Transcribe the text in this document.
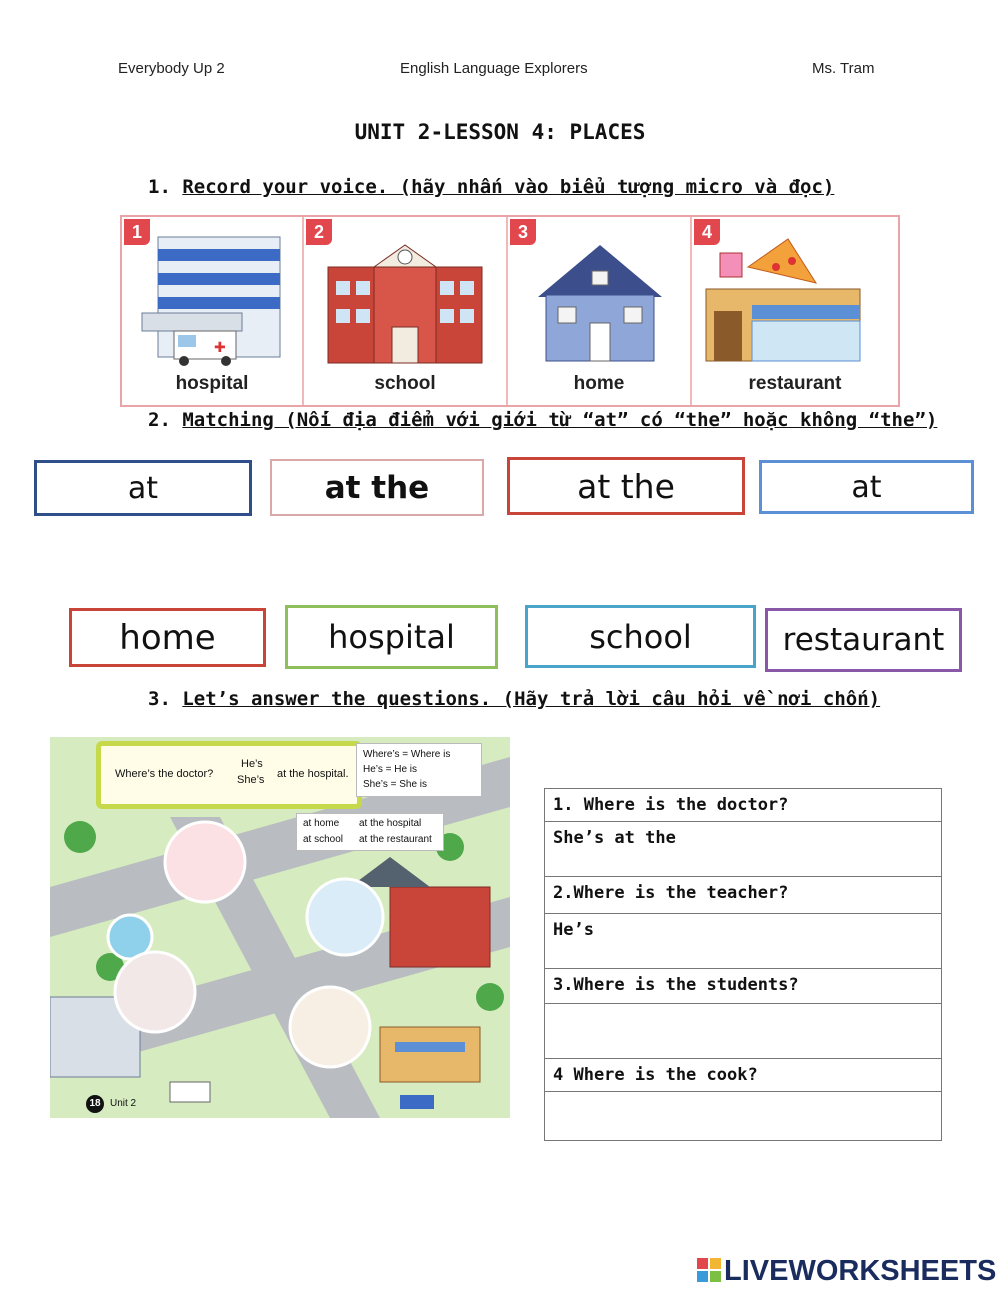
Everybody Up 2	English Language Explorers	Ms. Tram
UNIT 2-LESSON 4: PLACES
1. Record your voice. (hãy nhấn vào biểu tượng micro và đọc)
1
✚
hospital
2
school
3
home
4
restaurant
2. Matching (Nối địa điểm với giới từ “at” có “the” hoặc không “the”)
at	at the	at the	at
home	hospital	school	restaurant
3. Let’s answer the questions. (Hãy trả lời câu hỏi về nơi chốn)
Where’s the doctor?
He’s
She’s at the hospital.
Where’s = Where is
He’s = He is
She’s = She is
at home at the hospital
at school at the restaurant
18 Unit 2
1. Where is the doctor?
She’s at the
2.Where is the teacher?
He’s
3.Where is the students?

4 Where is the cook?

LIVEWORKSHEETS
